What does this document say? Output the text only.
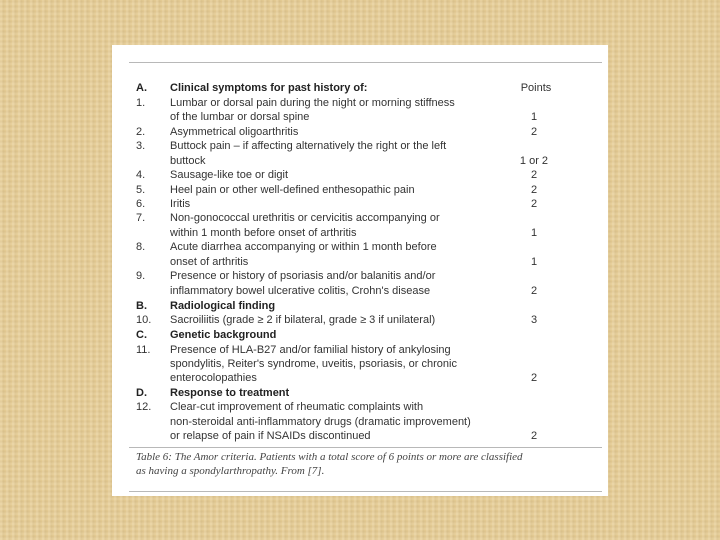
A. Clinical symptoms for past history of:	Points
1. Lumbar or dorsal pain during the night or morning stiffness
of the lumbar or dorsal spine	1
2. Asymmetrical oligoarthritis	2
3. Buttock pain – if affecting alternatively the right or the left
buttock	1 or 2
4. Sausage-like toe or digit	2
5. Heel pain or other well-defined enthesopathic pain	2
6. Iritis	2
7. Non-gonococcal urethritis or cervicitis accompanying or
within 1 month before onset of arthritis	1
8. Acute diarrhea accompanying or within 1 month before
onset of arthritis	1
9. Presence or history of psoriasis and/or balanitis and/or
inflammatory bowel ulcerative colitis, Crohn's disease	2
B. Radiological finding
10. Sacroiliitis (grade ≥ 2 if bilateral, grade ≥ 3 if unilateral)	3
C. Genetic background
11. Presence of HLA-B27 and/or familial history of ankylosing
spondylitis, Reiter's syndrome, uveitis, psoriasis, or chronic
enterocolopathies	2
D. Response to treatment
12. Clear-cut improvement of rheumatic complaints with
non-steroidal anti-inflammatory drugs (dramatic improvement)
or relapse of pain if NSAIDs discontinued	2
Table 6: The Amor criteria. Patients with a total score of 6 points or more are classified
as having a spondylarthropathy. From [7].
